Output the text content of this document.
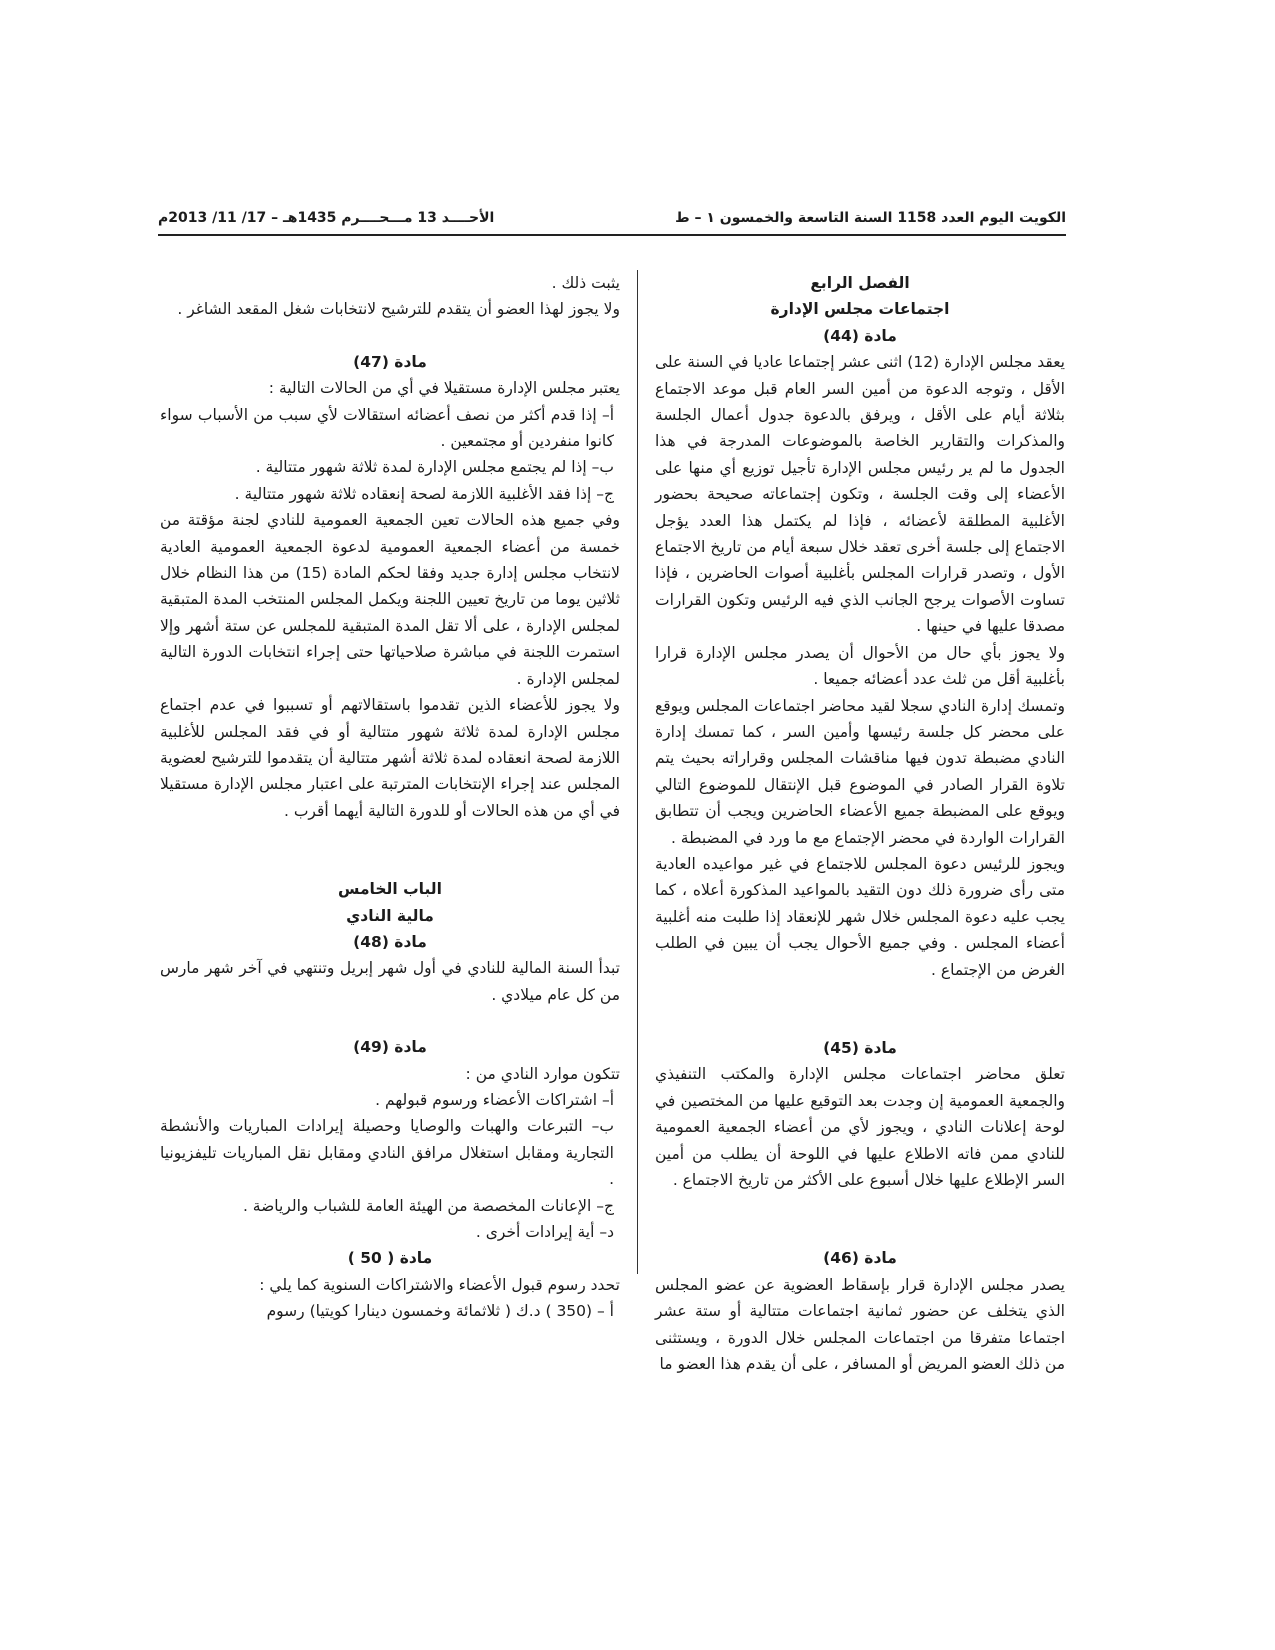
الكويت اليوم العدد 1158 السنة التاسعة والخمسون ١ – ط
الأحــــد 13 مـــحــــرم 1435هـ – 17/ 11/ 2013م

الفصل الرابع

اجتماعات مجلس الإدارة

مادة (44)

يعقد مجلس الإدارة (12) اثنى عشر إجتماعا عاديا في السنة على الأقل ، وتوجه الدعوة من أمين السر العام قبل موعد الاجتماع بثلاثة أيام على الأقل ، ويرفق بالدعوة جدول أعمال الجلسة والمذكرات والتقارير الخاصة بالموضوعات المدرجة في هذا الجدول ما لم ير رئيس مجلس الإدارة تأجيل توزيع أي منها على الأعضاء إلى وقت الجلسة ، وتكون إجتماعاته صحيحة بحضور الأغلبية المطلقة لأعضائه ، فإذا لم يكتمل هذا العدد يؤجل الاجتماع إلى جلسة أخرى تعقد خلال سبعة أيام من تاريخ الاجتماع الأول ، وتصدر قرارات المجلس بأغلبية أصوات الحاضرين ، فإذا تساوت الأصوات يرجح الجانب الذي فيه الرئيس وتكون القرارات مصدقا عليها في حينها .

ولا يجوز بأي حال من الأحوال أن يصدر مجلس الإدارة قرارا بأغلبية أقل من ثلث عدد أعضائه جميعا .

وتمسك إدارة النادي سجلا لقيد محاضر اجتماعات المجلس ويوقع على محضر كل جلسة رئيسها وأمين السر ، كما تمسك إدارة النادي مضبطة تدون فيها مناقشات المجلس وقراراته بحيث يتم تلاوة القرار الصادر في الموضوع قبل الإنتقال للموضوع التالي ويوقع على المضبطة جميع الأعضاء الحاضرين ويجب أن تتطابق القرارات الواردة في محضر الإجتماع مع ما ورد في المضبطة .

ويجوز للرئيس دعوة المجلس للاجتماع في غير مواعيده العادية متى رأى ضرورة ذلك دون التقيد بالمواعيد المذكورة أعلاه ، كما يجب عليه دعوة المجلس خلال شهر للإنعقاد إذا طلبت منه أغلبية أعضاء المجلس . وفي جميع الأحوال يجب أن يبين في الطلب الغرض من الإجتماع .

مادة (45)

تعلق محاضر اجتماعات مجلس الإدارة والمكتب التنفيذي والجمعية العمومية إن وجدت بعد التوقيع عليها من المختصين في لوحة إعلانات النادي ، ويجوز لأي من أعضاء الجمعية العمومية للنادي ممن فاته الاطلاع عليها في اللوحة أن يطلب من أمين السر الإطلاع عليها خلال أسبوع على الأكثر من تاريخ الاجتماع .

مادة (46)

يصدر مجلس الإدارة قرار بإسقاط العضوية عن عضو المجلس الذي يتخلف عن حضور ثمانية اجتماعات متتالية أو ستة عشر اجتماعا متفرقا من اجتماعات المجلس خلال الدورة ، ويستثنى من ذلك العضو المريض أو المسافر ، على أن يقدم هذا العضو ما

يثبت ذلك .

ولا يجوز لهذا العضو أن يتقدم للترشيح لانتخابات شغل المقعد الشاغر .

مادة (47)

يعتبر مجلس الإدارة مستقيلا في أي من الحالات التالية :

أ– إذا قدم أكثر من نصف أعضائه استقالات لأي سبب من الأسباب سواء كانوا منفردين أو مجتمعين .

ب– إذا لم يجتمع مجلس الإدارة لمدة ثلاثة شهور متتالية .

ج– إذا فقد الأغلبية اللازمة لصحة إنعقاده ثلاثة شهور متتالية .

وفي جميع هذه الحالات تعين الجمعية العمومية للنادي لجنة مؤقتة من خمسة من أعضاء الجمعية العمومية لدعوة الجمعية العمومية العادية لانتخاب مجلس إدارة جديد وفقا لحكم المادة (15) من هذا النظام خلال ثلاثين يوما من تاريخ تعيين اللجنة ويكمل المجلس المنتخب المدة المتبقية لمجلس الإدارة ، على ألا تقل المدة المتبقية للمجلس عن ستة أشهر وإلا استمرت اللجنة في مباشرة صلاحياتها حتى إجراء انتخابات الدورة التالية لمجلس الإدارة .

ولا يجوز للأعضاء الذين تقدموا باستقالاتهم أو تسببوا في عدم اجتماع مجلس الإدارة لمدة ثلاثة شهور متتالية أو في فقد المجلس للأغلبية اللازمة لصحة انعقاده لمدة ثلاثة أشهر متتالية أن يتقدموا للترشيح لعضوية المجلس عند إجراء الإنتخابات المترتبة على اعتبار مجلس الإدارة مستقيلا في أي من هذه الحالات أو للدورة التالية أيهما أقرب .

الباب الخامس

مالية النادي

مادة (48)

تبدأ السنة المالية للنادي في أول شهر إبريل وتنتهي في آخر شهر مارس من كل عام ميلادي .

مادة (49)

تتكون موارد النادي من :

أ– اشتراكات الأعضاء ورسوم قبولهم .

ب– التبرعات والهبات والوصايا وحصيلة إيرادات المباريات والأنشطة التجارية ومقابل استغلال مرافق النادي ومقابل نقل المباريات تليفزيونيا .

ج– الإعانات المخصصة من الهيئة العامة للشباب والرياضة .

د– أية إيرادات أخرى .

مادة ( 50 )

تحدد رسوم قبول الأعضاء والاشتراكات السنوية كما يلي :

أ – (350 ) د.ك ( ثلاثمائة وخمسون دينارا كويتيا) رسوم
